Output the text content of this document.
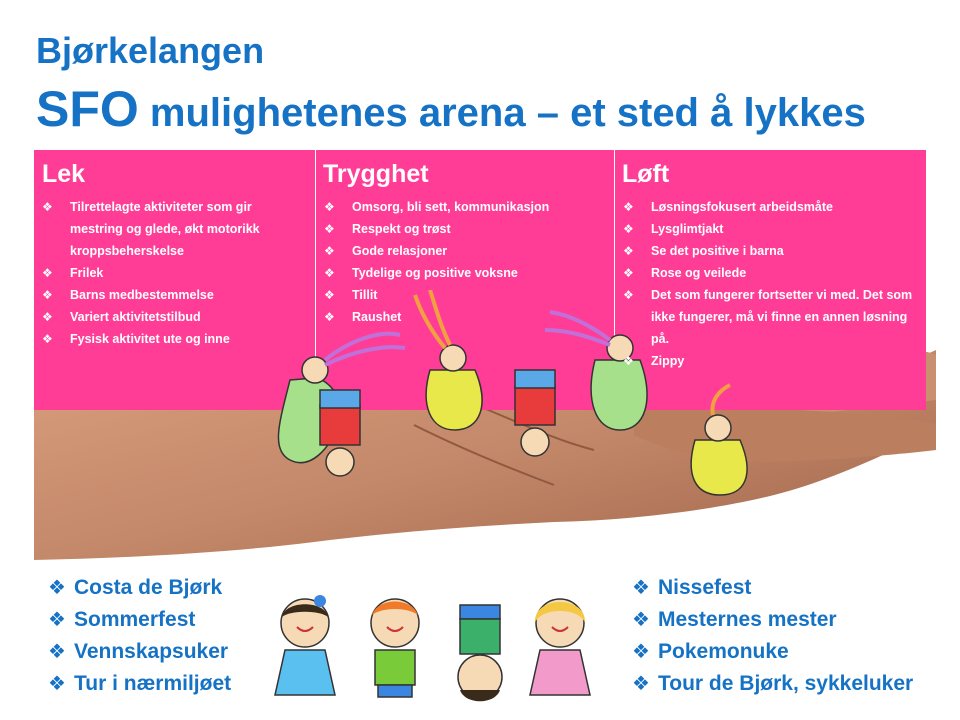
Bjørkelangen
SFO mulighetenes arena – et sted å lykkes
Lek	Trygghet	Løft
❖ Tilrettelagte aktiviteter som gir mestring og glede, økt motorikk kroppsbeherskelse
❖ Frilek
❖ Barns medbestemmelse
❖ Variert aktivitetstilbud
❖ Fysisk aktivitet ute og inne
❖ Omsorg, bli sett, kommunikasjon
❖ Respekt og trøst
❖ Gode relasjoner
❖ Tydelige og positive voksne
❖ Tillit
❖ Raushet
❖ Løsningsfokusert arbeidsmåte
❖ Lysglimtjakt
❖ Se det positive i barna
❖ Rose og veilede
❖ Det som fungerer fortsetter vi med. Det som ikke fungerer, må vi finne en annen løsning på.
❖ Zippy
❖ Costa de Bjørk
❖ Sommerfest
❖ Vennskapsuker
❖ Tur i nærmiljøet
❖ Nissefest
❖ Mesternes mester
❖ Pokemonuke
❖ Tour de Bjørk, sykkeluker
